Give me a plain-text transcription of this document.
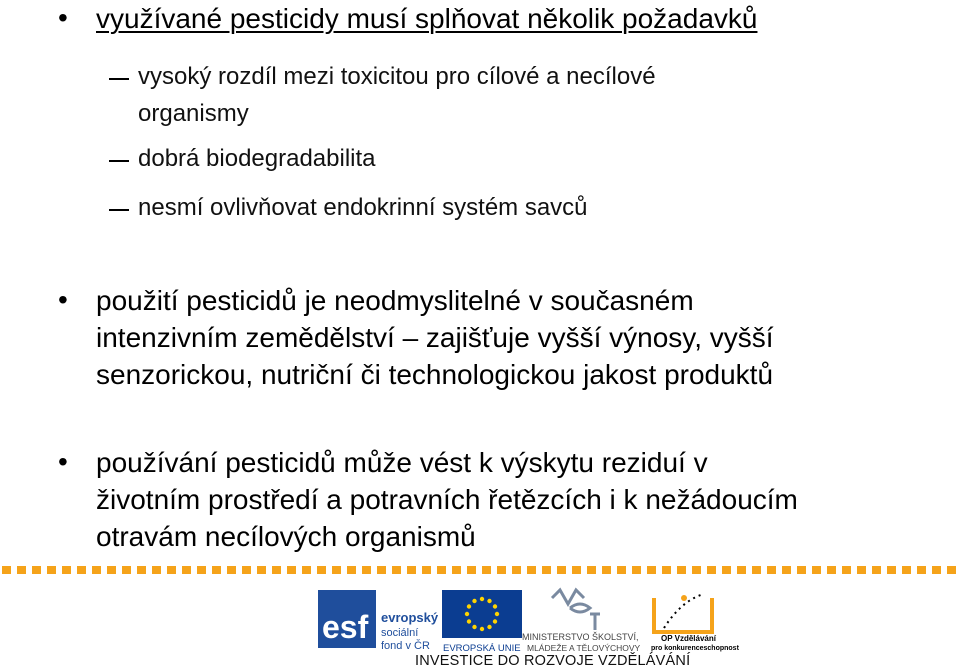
• využívané pesticidy musí splňovat několik požadavků
vysoký rozdíl mezi toxicitou pro cílové a necílové
organismy
dobrá biodegradabilita
nesmí ovlivňovat endokrinní systém savců
• použití pesticidů je neodmyslitelné v současném
intenzivním zemědělství – zajišťuje vyšší výnosy, vyšší
senzorickou, nutriční či technologickou jakost produktů
• používání pesticidů může vést k výskytu reziduí v
životním prostředí a potravních řetězcích i k nežádoucím
otravám necílových organismů
esf evropský
sociální
fond v ČR EVROPSKÁ UNIE
MINISTERSTVO ŠKOLSTVÍ,
MLÁDEŽE A TĚLOVÝCHOVY
OP Vzdělávání
pro konkurenceschopnost
INVESTICE DO ROZVOJE VZDĚLÁVÁNÍ
